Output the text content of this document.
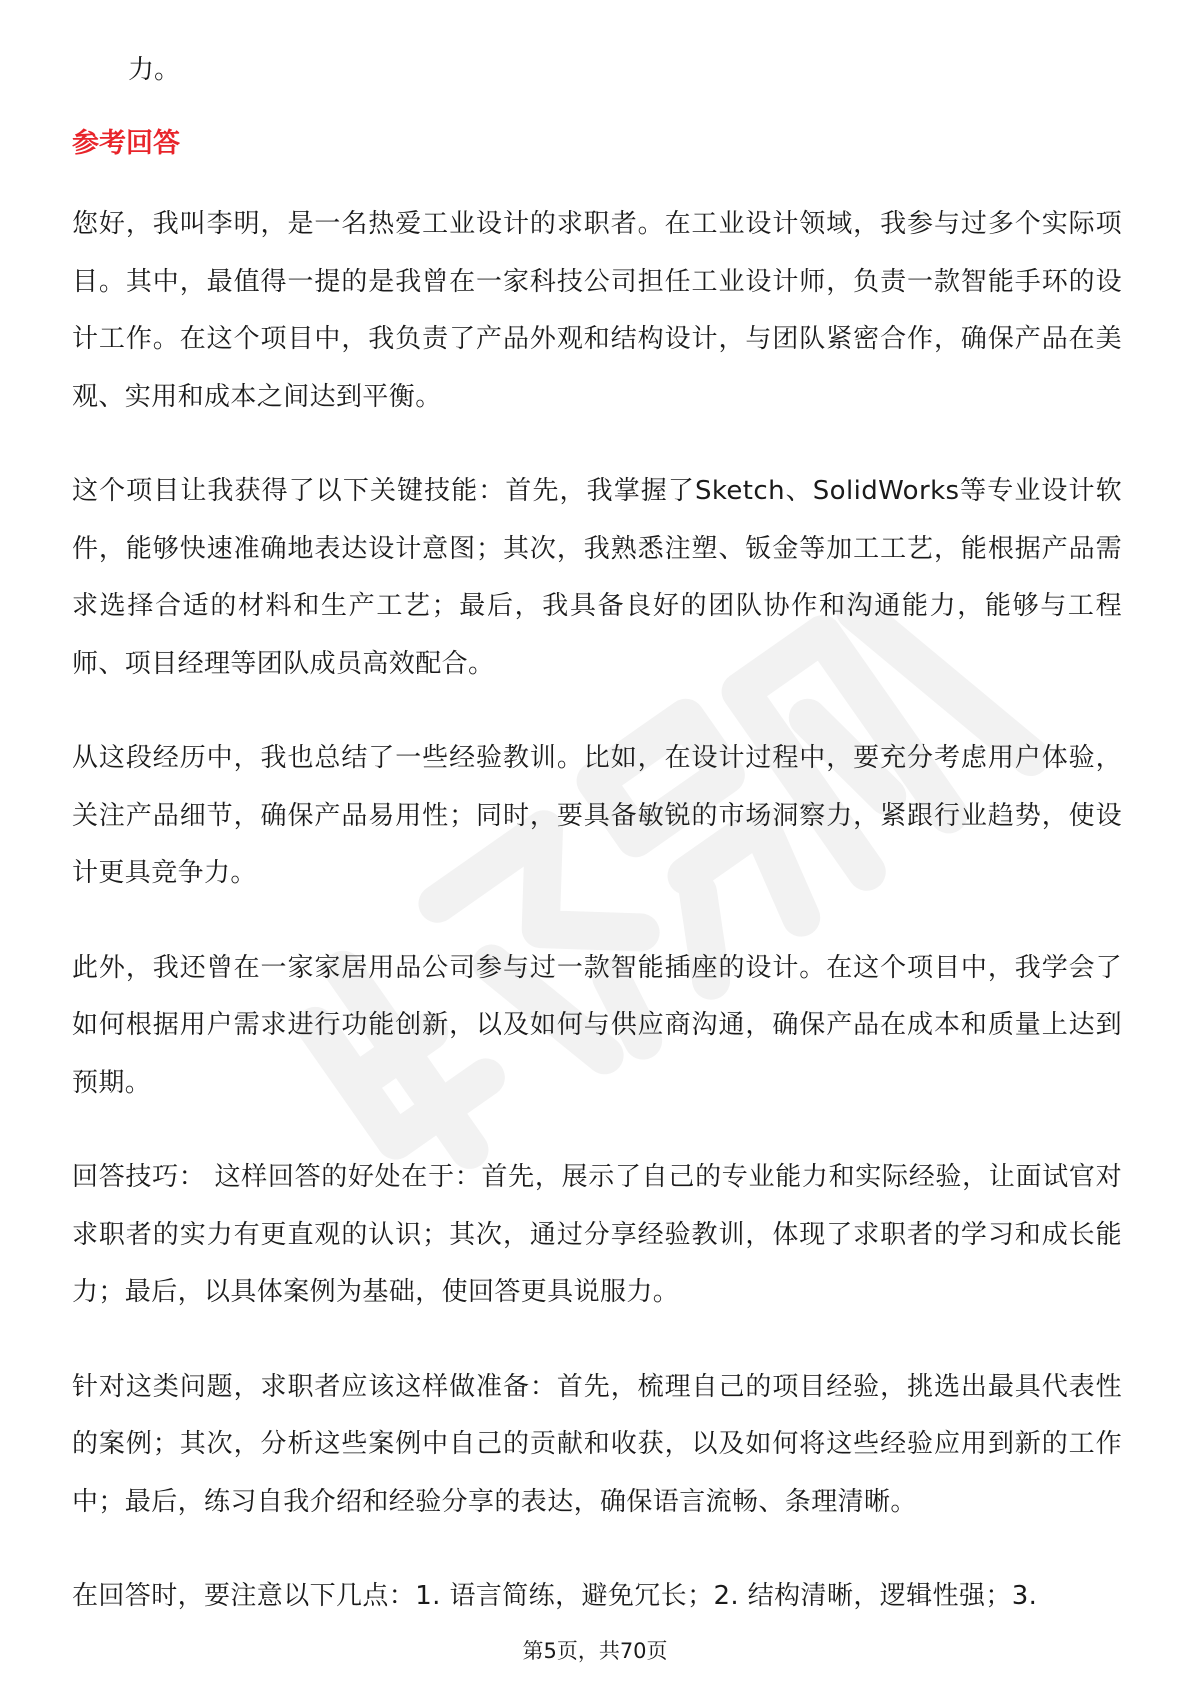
力。

参考回答

您好，我叫李明，是一名热爱工业设计的求职者。在工业设计领域，我参与过多个实际项目。其中，最值得一提的是我曾在一家科技公司担任工业设计师，负责一款智能手环的设计工作。在这个项目中，我负责了产品外观和结构设计，与团队紧密合作，确保产品在美观、实用和成本之间达到平衡。

这个项目让我获得了以下关键技能：首先，我掌握了Sketch、SolidWorks等专业设计软件，能够快速准确地表达设计意图；其次，我熟悉注塑、钣金等加工工艺，能根据产品需求选择合适的材料和生产工艺；最后，我具备良好的团队协作和沟通能力，能够与工程师、项目经理等团队成员高效配合。

从这段经历中，我也总结了一些经验教训。比如，在设计过程中，要充分考虑用户体验，关注产品细节，确保产品易用性；同时，要具备敏锐的市场洞察力，紧跟行业趋势，使设计更具竞争力。

此外，我还曾在一家家居用品公司参与过一款智能插座的设计。在这个项目中，我学会了如何根据用户需求进行功能创新，以及如何与供应商沟通，确保产品在成本和质量上达到预期。

回答技巧： 这样回答的好处在于：首先，展示了自己的专业能力和实际经验，让面试官对求职者的实力有更直观的认识；其次，通过分享经验教训，体现了求职者的学习和成长能力；最后，以具体案例为基础，使回答更具说服力。

针对这类问题，求职者应该这样做准备：首先，梳理自己的项目经验，挑选出最具代表性的案例；其次，分析这些案例中自己的贡献和收获，以及如何将这些经验应用到新的工作中；最后，练习自我介绍和经验分享的表达，确保语言流畅、条理清晰。

在回答时，要注意以下几点：1. 语言简练，避免冗长；2. 结构清晰，逻辑性强；3.

第5页，共70页
